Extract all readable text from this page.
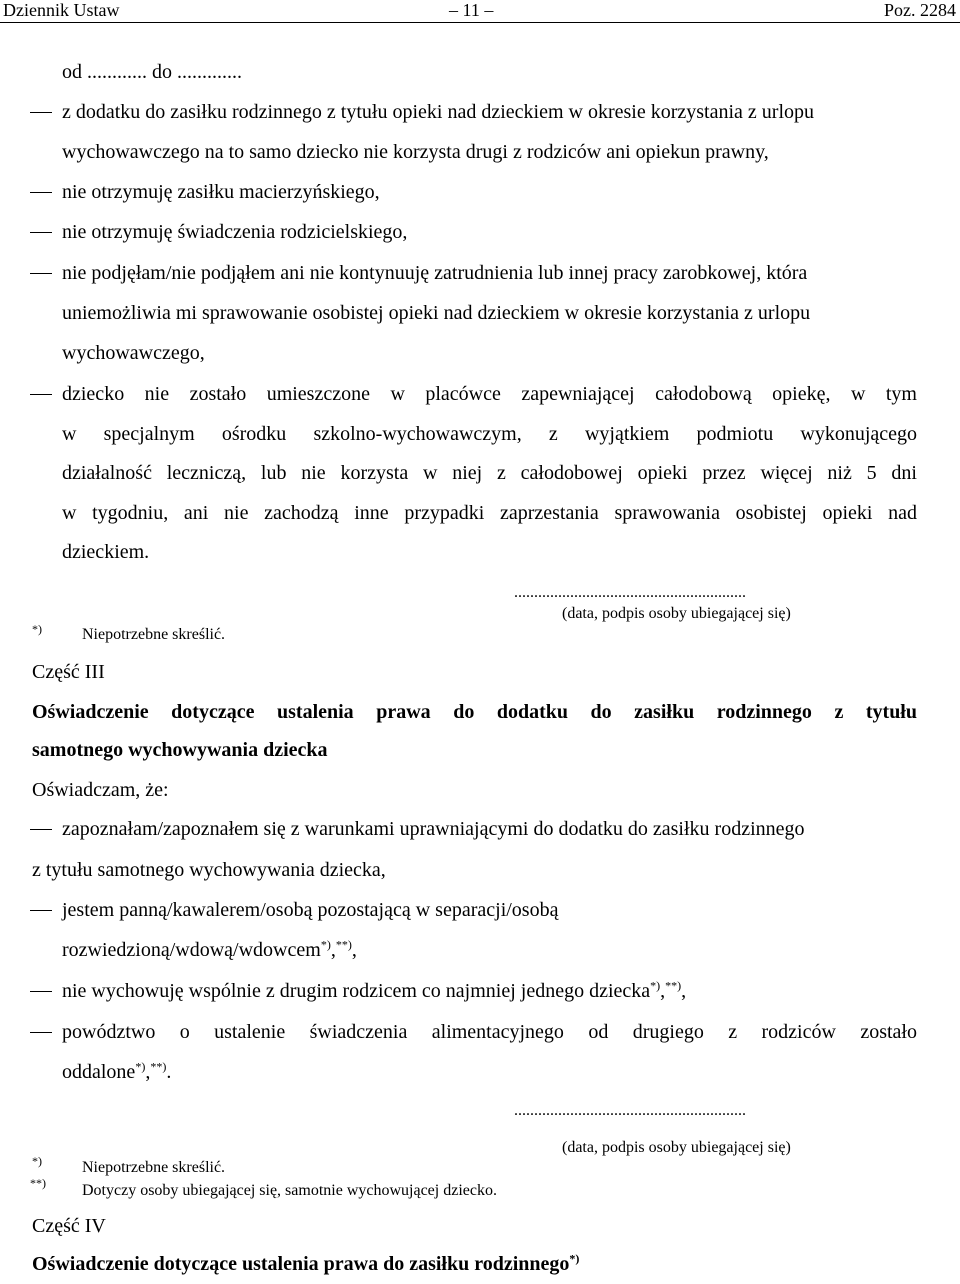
Dziennik Ustaw	– 11 –	Poz. 2284
od ............ do .............
z dodatku do zasiłku rodzinnego z tytułu opieki nad dzieckiem w okresie korzystania z urlopu
wychowawczego na to samo dziecko nie korzysta drugi z rodziców ani opiekun prawny,
nie otrzymuję zasiłku macierzyńskiego,
nie otrzymuję świadczenia rodzicielskiego,
nie podjęłam/nie podjąłem ani nie kontynuuję zatrudnienia lub innej pracy zarobkowej, która
uniemożliwia mi sprawowanie osobistej opieki nad dzieckiem w okresie korzystania z urlopu
wychowawczego,
dziecko nie zostało umieszczone w placówce zapewniającej całodobową opiekę, w tym
w specjalnym ośrodku szkolno-wychowawczym, z wyjątkiem podmiotu wykonującego
działalność leczniczą, lub nie korzysta w niej z całodobowej opieki przez więcej niż 5 dni
w tygodniu, ani nie zachodzą inne przypadki zaprzestania sprawowania osobistej opieki nad
dzieckiem.
..........................................................
(data, podpis osoby ubiegającej się)
*)	Niepotrzebne skreślić.
Część III
Oświadczenie dotyczące ustalenia prawa do dodatku do zasiłku rodzinnego z tytułu
samotnego wychowywania dziecka
Oświadczam, że:
zapoznałam/zapoznałem się z warunkami uprawniającymi do dodatku do zasiłku rodzinnego
z tytułu samotnego wychowywania dziecka,
jestem panną/kawalerem/osobą pozostającą w separacji/osobą
rozwiedzioną/wdową/wdowcem*),**),
nie wychowuję wspólnie z drugim rodzicem co najmniej jednego dziecka*),**),
powództwo o ustalenie świadczenia alimentacyjnego od drugiego z rodziców zostało
oddalone*),**).
..........................................................
(data, podpis osoby ubiegającej się)
*)	Niepotrzebne skreślić.
**) Dotyczy osoby ubiegającej się, samotnie wychowującej dziecko.
Część IV
Oświadczenie dotyczące ustalenia prawa do zasiłku rodzinnego*)
